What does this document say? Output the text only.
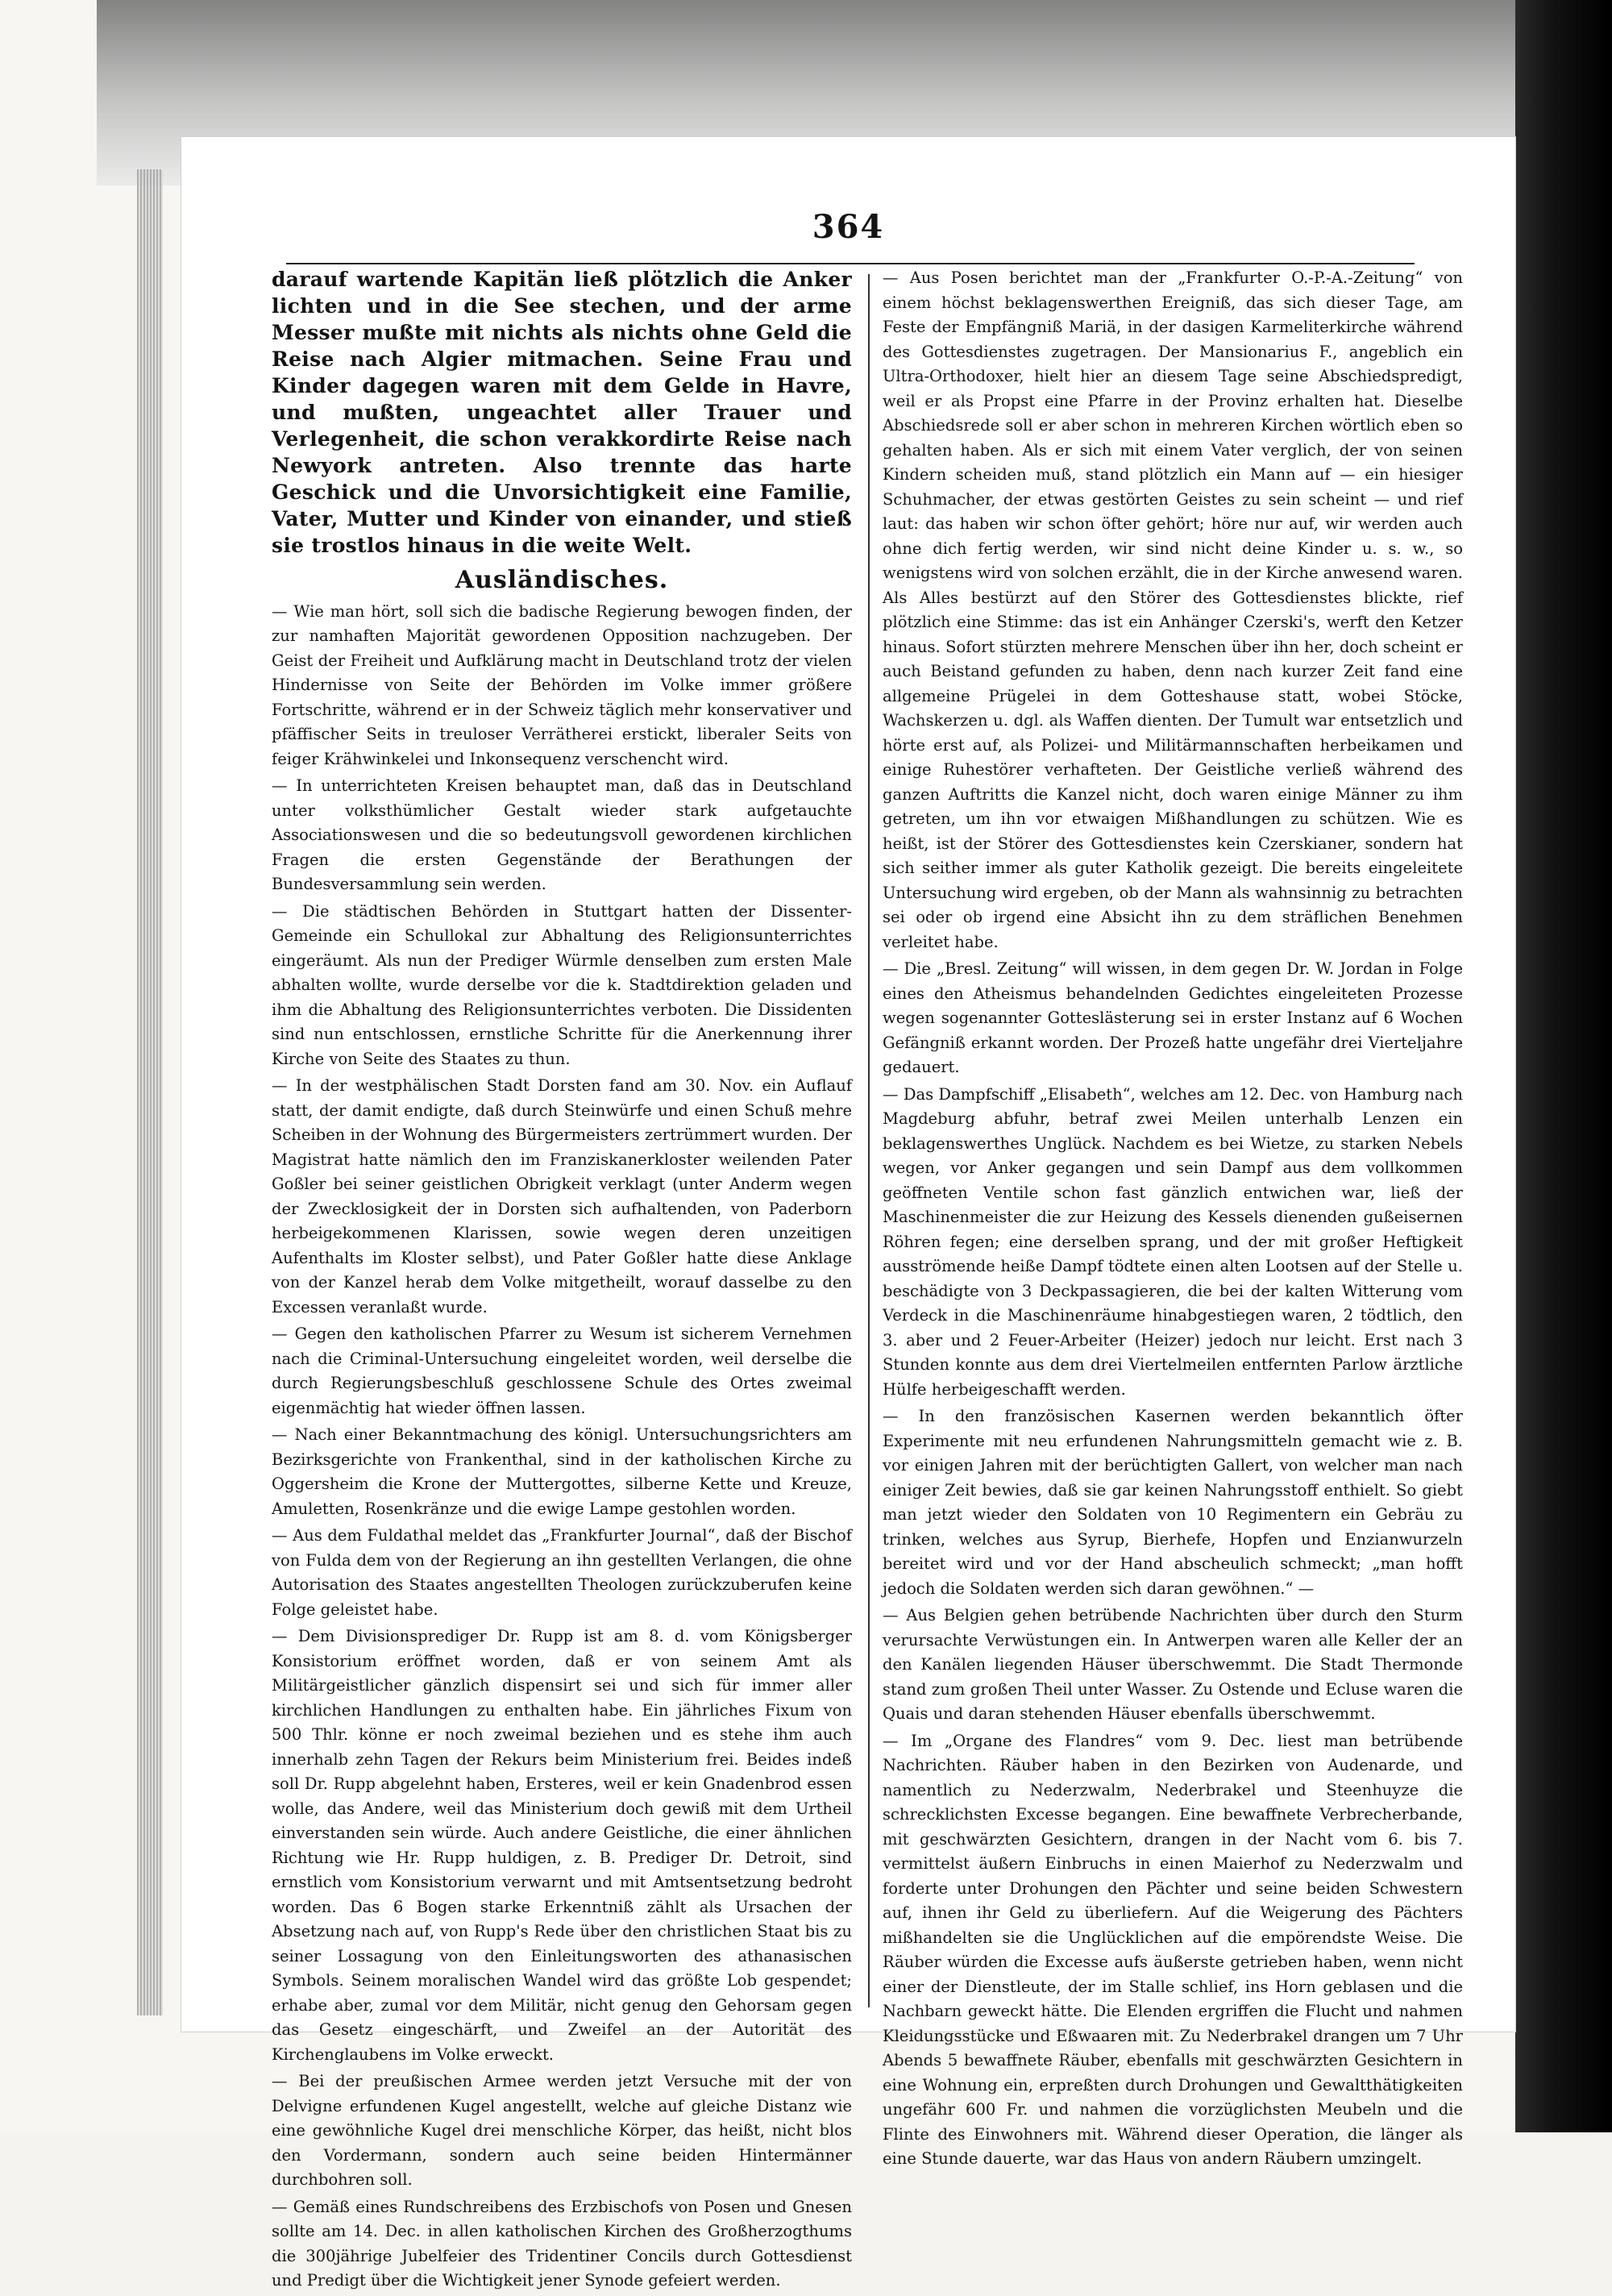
364

darauf wartende Kapitän ließ plötzlich die Anker lichten und in die See stechen, und der arme Messer mußte mit nichts als nichts ohne Geld die Reise nach Algier mitmachen. Seine Frau und Kinder dagegen waren mit dem Gelde in Havre, und mußten, ungeachtet aller Trauer und Verlegenheit, die schon verakkordirte Reise nach Newyork antreten. Also trennte das harte Geschick und die Unvorsichtigkeit eine Familie, Vater, Mutter und Kinder von einander, und stieß sie trostlos hinaus in die weite Welt.

Ausländisches.

— Wie man hört, soll sich die badische Regierung bewogen finden, der zur namhaften Majorität gewordenen Opposition nachzugeben. Der Geist der Freiheit und Aufklärung macht in Deutschland trotz der vielen Hindernisse von Seite der Behörden im Volke immer größere Fortschritte, während er in der Schweiz täglich mehr konservativer und pfäffischer Seits in treuloser Verrätherei erstickt, liberaler Seits von feiger Krähwinkelei und Inkonsequenz verschencht wird.

— In unterrichteten Kreisen behauptet man, daß das in Deutschland unter volksthümlicher Gestalt wieder stark aufgetauchte Associationswesen und die so bedeutungsvoll gewordenen kirchlichen Fragen die ersten Gegenstände der Berathungen der Bundesversammlung sein werden.

— Die städtischen Behörden in Stuttgart hatten der Dissenter-Gemeinde ein Schullokal zur Abhaltung des Religionsunterrichtes eingeräumt. Als nun der Prediger Würmle denselben zum ersten Male abhalten wollte, wurde derselbe vor die k. Stadtdirektion geladen und ihm die Abhaltung des Religionsunterrichtes verboten. Die Dissidenten sind nun entschlossen, ernstliche Schritte für die Anerkennung ihrer Kirche von Seite des Staates zu thun.

— In der westphälischen Stadt Dorsten fand am 30. Nov. ein Auflauf statt, der damit endigte, daß durch Steinwürfe und einen Schuß mehre Scheiben in der Wohnung des Bürgermeisters zertrümmert wurden. Der Magistrat hatte nämlich den im Franziskanerkloster weilenden Pater Goßler bei seiner geistlichen Obrigkeit verklagt (unter Anderm wegen der Zwecklosigkeit der in Dorsten sich aufhaltenden, von Paderborn herbeigekommenen Klarissen, sowie wegen deren unzeitigen Aufenthalts im Kloster selbst), und Pater Goßler hatte diese Anklage von der Kanzel herab dem Volke mitgetheilt, worauf dasselbe zu den Excessen veranlaßt wurde.

— Gegen den katholischen Pfarrer zu Wesum ist sicherem Vernehmen nach die Criminal-Untersuchung eingeleitet worden, weil derselbe die durch Regierungsbeschluß geschlossene Schule des Ortes zweimal eigenmächtig hat wieder öffnen lassen.

— Nach einer Bekanntmachung des königl. Untersuchungsrichters am Bezirksgerichte von Frankenthal, sind in der katholischen Kirche zu Oggersheim die Krone der Muttergottes, silberne Kette und Kreuze, Amuletten, Rosenkränze und die ewige Lampe gestohlen worden.

— Aus dem Fuldathal meldet das „Frankfurter Journal“, daß der Bischof von Fulda dem von der Regierung an ihn gestellten Verlangen, die ohne Autorisation des Staates angestellten Theologen zurückzuberufen keine Folge geleistet habe.

— Dem Divisionsprediger Dr. Rupp ist am 8. d. vom Königsberger Konsistorium eröffnet worden, daß er von seinem Amt als Militärgeistlicher gänzlich dispensirt sei und sich für immer aller kirchlichen Handlungen zu enthalten habe. Ein jährliches Fixum von 500 Thlr. könne er noch zweimal beziehen und es stehe ihm auch innerhalb zehn Tagen der Rekurs beim Ministerium frei. Beides indeß soll Dr. Rupp abgelehnt haben, Ersteres, weil er kein Gnadenbrod essen wolle, das Andere, weil das Ministerium doch gewiß mit dem Urtheil einverstanden sein würde. Auch andere Geistliche, die einer ähnlichen Richtung wie Hr. Rupp huldigen, z. B. Prediger Dr. Detroit, sind ernstlich vom Konsistorium verwarnt und mit Amtsentsetzung bedroht worden. Das 6 Bogen starke Erkenntniß zählt als Ursachen der Absetzung nach auf, von Rupp's Rede über den christlichen Staat bis zu seiner Lossagung von den Einleitungsworten des athanasischen Symbols. Seinem moralischen Wandel wird das größte Lob gespendet; erhabe aber, zumal vor dem Militär, nicht genug den Gehorsam gegen das Gesetz eingeschärft, und Zweifel an der Autorität des Kirchenglaubens im Volke erweckt.

— Bei der preußischen Armee werden jetzt Versuche mit der von Delvigne erfundenen Kugel angestellt, welche auf gleiche Distanz wie eine gewöhnliche Kugel drei menschliche Körper, das heißt, nicht blos den Vordermann, sondern auch seine beiden Hintermänner durchbohren soll.

— Gemäß eines Rundschreibens des Erzbischofs von Posen und Gnesen sollte am 14. Dec. in allen katholischen Kirchen des Großherzogthums die 300jährige Jubelfeier des Tridentiner Concils durch Gottesdienst und Predigt über die Wichtigkeit jener Synode gefeiert werden.

— Aus Posen berichtet man der „Frankfurter O.-P.-A.-Zeitung“ von einem höchst beklagenswerthen Ereigniß, das sich dieser Tage, am Feste der Empfängniß Mariä, in der dasigen Karmeliterkirche während des Gottesdienstes zugetragen. Der Mansionarius F., angeblich ein Ultra-Orthodoxer, hielt hier an diesem Tage seine Abschiedspredigt, weil er als Propst eine Pfarre in der Provinz erhalten hat. Dieselbe Abschiedsrede soll er aber schon in mehreren Kirchen wörtlich eben so gehalten haben. Als er sich mit einem Vater verglich, der von seinen Kindern scheiden muß, stand plötzlich ein Mann auf — ein hiesiger Schuhmacher, der etwas gestörten Geistes zu sein scheint — und rief laut: das haben wir schon öfter gehört; höre nur auf, wir werden auch ohne dich fertig werden, wir sind nicht deine Kinder u. s. w., so wenigstens wird von solchen erzählt, die in der Kirche anwesend waren. Als Alles bestürzt auf den Störer des Gottesdienstes blickte, rief plötzlich eine Stimme: das ist ein Anhänger Czerski's, werft den Ketzer hinaus. Sofort stürzten mehrere Menschen über ihn her, doch scheint er auch Beistand gefunden zu haben, denn nach kurzer Zeit fand eine allgemeine Prügelei in dem Gotteshause statt, wobei Stöcke, Wachskerzen u. dgl. als Waffen dienten. Der Tumult war entsetzlich und hörte erst auf, als Polizei- und Militärmannschaften herbeikamen und einige Ruhestörer verhafteten. Der Geistliche verließ während des ganzen Auftritts die Kanzel nicht, doch waren einige Männer zu ihm getreten, um ihn vor etwaigen Mißhandlungen zu schützen. Wie es heißt, ist der Störer des Gottesdienstes kein Czerskianer, sondern hat sich seither immer als guter Katholik gezeigt. Die bereits eingeleitete Untersuchung wird ergeben, ob der Mann als wahnsinnig zu betrachten sei oder ob irgend eine Absicht ihn zu dem sträflichen Benehmen verleitet habe.

— Die „Bresl. Zeitung“ will wissen, in dem gegen Dr. W. Jordan in Folge eines den Atheismus behandelnden Gedichtes eingeleiteten Prozesse wegen sogenannter Gotteslästerung sei in erster Instanz auf 6 Wochen Gefängniß erkannt worden. Der Prozeß hatte ungefähr drei Vierteljahre gedauert.

— Das Dampfschiff „Elisabeth“, welches am 12. Dec. von Hamburg nach Magdeburg abfuhr, betraf zwei Meilen unterhalb Lenzen ein beklagenswerthes Unglück. Nachdem es bei Wietze, zu starken Nebels wegen, vor Anker gegangen und sein Dampf aus dem vollkommen geöffneten Ventile schon fast gänzlich entwichen war, ließ der Maschinenmeister die zur Heizung des Kessels dienenden gußeisernen Röhren fegen; eine derselben sprang, und der mit großer Heftigkeit ausströmende heiße Dampf tödtete einen alten Lootsen auf der Stelle u. beschädigte von 3 Deckpassagieren, die bei der kalten Witterung vom Verdeck in die Maschinenräume hinabgestiegen waren, 2 tödtlich, den 3. aber und 2 Feuer-Arbeiter (Heizer) jedoch nur leicht. Erst nach 3 Stunden konnte aus dem drei Viertelmeilen entfernten Parlow ärztliche Hülfe herbeigeschafft werden.

— In den französischen Kasernen werden bekanntlich öfter Experimente mit neu erfundenen Nahrungsmitteln gemacht wie z. B. vor einigen Jahren mit der berüchtigten Gallert, von welcher man nach einiger Zeit bewies, daß sie gar keinen Nahrungsstoff enthielt. So giebt man jetzt wieder den Soldaten von 10 Regimentern ein Gebräu zu trinken, welches aus Syrup, Bierhefe, Hopfen und Enzianwurzeln bereitet wird und vor der Hand abscheulich schmeckt; „man hofft jedoch die Soldaten werden sich daran gewöhnen.“ —

— Aus Belgien gehen betrübende Nachrichten über durch den Sturm verursachte Verwüstungen ein. In Antwerpen waren alle Keller der an den Kanälen liegenden Häuser überschwemmt. Die Stadt Thermonde stand zum großen Theil unter Wasser. Zu Ostende und Ecluse waren die Quais und daran stehenden Häuser ebenfalls überschwemmt.

— Im „Organe des Flandres“ vom 9. Dec. liest man betrübende Nachrichten. Räuber haben in den Bezirken von Audenarde, und namentlich zu Nederzwalm, Nederbrakel und Steenhuyze die schrecklichsten Excesse begangen. Eine bewaffnete Verbrecherbande, mit geschwärzten Gesichtern, drangen in der Nacht vom 6. bis 7. vermittelst äußern Einbruchs in einen Maierhof zu Nederzwalm und forderte unter Drohungen den Pächter und seine beiden Schwestern auf, ihnen ihr Geld zu überliefern. Auf die Weigerung des Pächters mißhandelten sie die Unglücklichen auf die empörendste Weise. Die Räuber würden die Excesse aufs äußerste getrieben haben, wenn nicht einer der Dienstleute, der im Stalle schlief, ins Horn geblasen und die Nachbarn geweckt hätte. Die Elenden ergriffen die Flucht und nahmen Kleidungsstücke und Eßwaaren mit. Zu Nederbrakel drangen um 7 Uhr Abends 5 bewaffnete Räuber, ebenfalls mit geschwärzten Gesichtern in eine Wohnung ein, erpreßten durch Drohungen und Gewaltthätigkeiten ungefähr 600 Fr. und nahmen die vorzüglichsten Meubeln und die Flinte des Einwohners mit. Während dieser Operation, die länger als eine Stunde dauerte, war das Haus von andern Räubern umzingelt.
